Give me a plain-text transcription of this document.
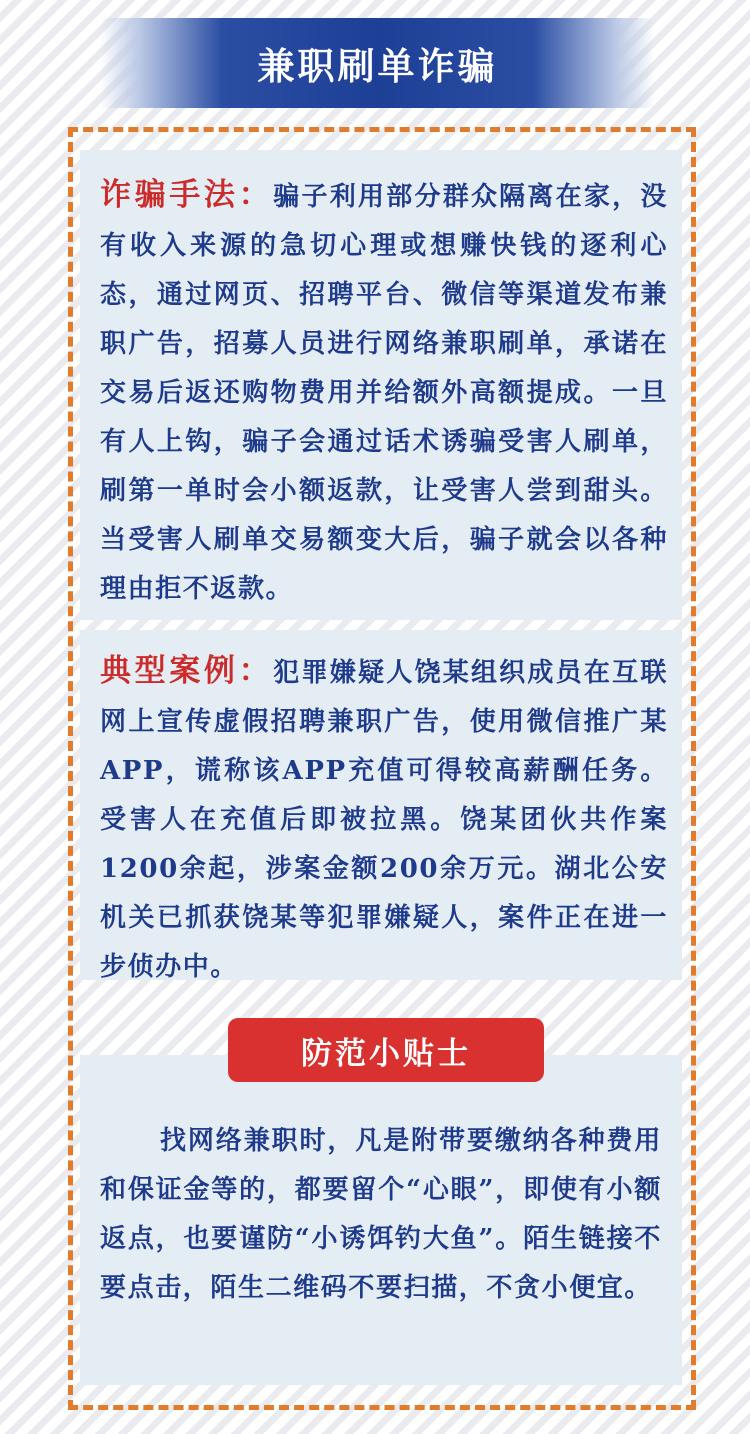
兼职刷单诈骗

诈骗手法：骗子利用部分群众隔离在家，没有收入来源的急切心理或想赚快钱的逐利心态，通过网页、招聘平台、微信等渠道发布兼职广告，招募人员进行网络兼职刷单，承诺在交易后返还购物费用并给额外高额提成。一旦有人上钩，骗子会通过话术诱骗受害人刷单，刷第一单时会小额返款，让受害人尝到甜头。当受害人刷单交易额变大后，骗子就会以各种理由拒不返款。

典型案例：犯罪嫌疑人饶某组织成员在互联网上宣传虚假招聘兼职广告，使用微信推广某APP，谎称该APP充值可得较高薪酬任务。受害人在充值后即被拉黑。饶某团伙共作案1200余起，涉案金额200余万元。湖北公安机关已抓获饶某等犯罪嫌疑人，案件正在进一步侦办中。

防范小贴士

找网络兼职时，凡是附带要缴纳各种费用和保证金等的，都要留个“心眼”，即使有小额返点，也要谨防“小诱饵钓大鱼”。陌生链接不要点击，陌生二维码不要扫描，不贪小便宜。
